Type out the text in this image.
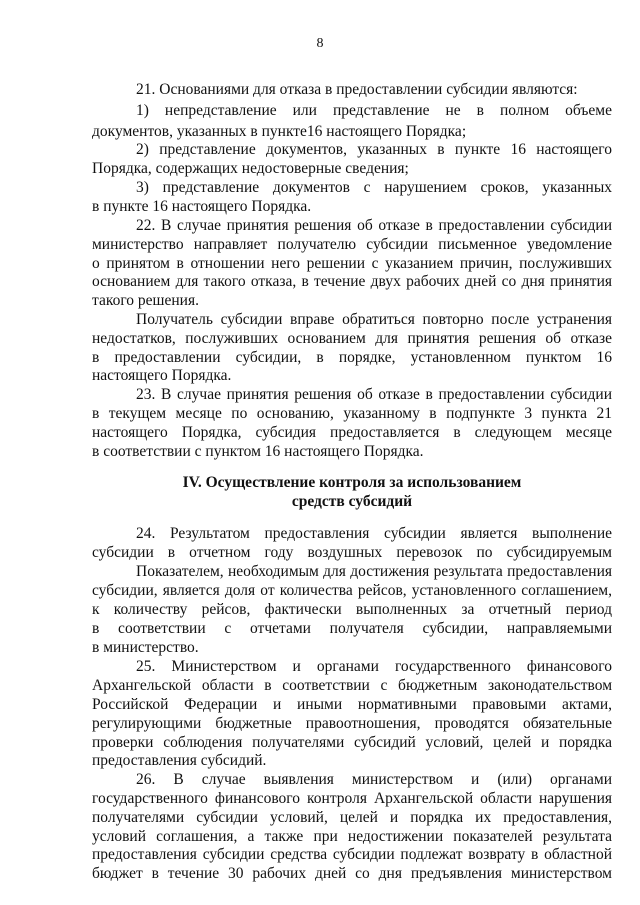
8
21. Основаниями для отказа в предоставлении субсидии являются:
1) непредставление или представление не в полном объеме
документов, указанных в пункте16 настоящего Порядка;
2) представление документов, указанных в пункте 16 настоящего
Порядка, содержащих недостоверные сведения;
3) представление документов с нарушением сроков, указанных
в пункте 16 настоящего Порядка.
22. В случае принятия решения об отказе в предоставлении субсидии
министерство направляет получателю субсидии письменное уведомление
о принятом в отношении него решении с указанием причин, послуживших
основанием для такого отказа, в течение двух рабочих дней со дня принятия
такого решения.
Получатель субсидии вправе обратиться повторно после устранения
недостатков, послуживших основанием для принятия решения об отказе
в предоставлении субсидии, в порядке, установленном пунктом 16
настоящего Порядка.
23. В случае принятия решения об отказе в предоставлении субсидии
в текущем месяце по основанию, указанному в подпункте 3 пункта 21
настоящего Порядка, субсидия предоставляется в следующем месяце
в соответствии с пунктом 16 настоящего Порядка.
IV. Осуществление контроля за использованием
средств субсидий
24. Результатом предоставления субсидии является выполнение
субсидии в отчетном году воздушных перевозок по субсидируемым
Показателем, необходимым для достижения результата предоставления
субсидии, является доля от количества рейсов, установленного соглашением,
к количеству рейсов, фактически выполненных за отчетный период
в соответствии с отчетами получателя субсидии, направляемыми
в министерство.
25. Министерством и органами государственного финансового
Архангельской области в соответствии с бюджетным законодательством
Российской Федерации и иными нормативными правовыми актами,
регулирующими бюджетные правоотношения, проводятся обязательные
проверки соблюдения получателями субсидий условий, целей и порядка
предоставления субсидий.
26. В случае выявления министерством и (или) органами
государственного финансового контроля Архангельской области нарушения
получателями субсидии условий, целей и порядка их предоставления,
условий соглашения, а также при недостижении показателей результата
предоставления субсидии средства субсидии подлежат возврату в областной
бюджет в течение 30 рабочих дней со дня предъявления министерством
